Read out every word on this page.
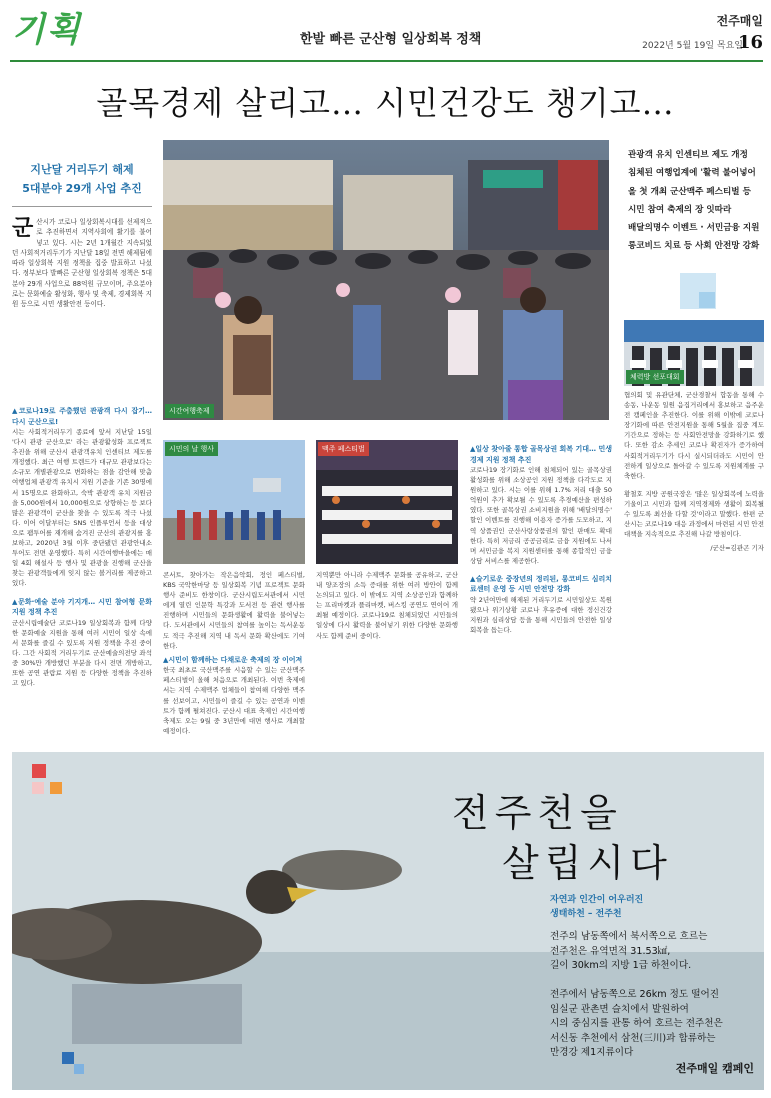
기획	한발 빠른 군산형 일상회복 정책
전주매일
2022년 5월 19일 목요일
16
골목경제 살리고… 시민건강도 챙기고…
지난달 거리두기 해제
5대분야 29개 사업 추진
군산시가 코로나 일상회복시대를 선제적으로 추진하면서 지역사회에 활기를 불어넣고 있다. 시는 2년 1개월간 지속되었던 사회적거리두기가 지난달 18일 전면 해제됨에 따라 일상회복 지원 정책을 집중 발표하고 나섰다. 정부보다 발빠른 군산형 일상회복 정책은 5대분야 29개 사업으로 88억원 규모이며, 주요분야로는 문화예술 활성화, 행사 및 축제, 경제회복 지원 등으로 시민 생활안전 등이다.
시간여행축제
관광객 유치 인센티브 제도 개정
침체된 여행업계에 '활력 불어넣어
올 첫 개최 군산맥주 페스티벌 등
시민 참여 축제의 장 잇따라
배달의명수 이벤트 · 서민금융 지원
롱코비드 치료 등 사회 안전망 강화
체력방 선포대회
협의회 및 유관단체, 군산경찰서 합동을 통해 수송동, 나운동 일원 음집거리에서 홍보하고 음주운전 캠페인을 추진한다. 이를 위해 이밖에 코로나 장기화에 따른 안전지원을 통해 5월을 집중 계도기간으로 정하는 등 사회안전망을 강화하기로 했다. 또한 감소 추세인 코로나 확진자가 증가하여 사회적거리두기가 다시 실시되더라도 시민이 안전하게 일상으로 돌아갈 수 있도록 지원체계를 구축한다.
황철호 지방 공원국장은 '많은 일상회복에 노력을 기울이고 시민과 함께 지역경제와 생활이 회복될 수 있도록 최선을 다할 것'이라고 말했다. 한편 군산시는 코로나19 대응 과정에서 마련된 시민 안전 대책을 지속적으로 추진해 나갈 방침이다.
/군산=김관곤 기자
▲코로나19로 주춤했던 관광객 다시 잡기… 다시 군산으로!
시는 사회적거리두기 종료에 앞서 지난달 15일 '다시 관광 군산으로' 라는 관광활성화 프로젝트 추진을 위해 군산시 관광객유치 인센티브 제도를 개정했다. 최근 여행 트렌드가 대규모 관광보다는 소규모 개별관광으로 변화하는 점을 감안해 맞춤 여행업체 관광객 유치시 지원 기준을 기존 30명에서 15명으로 완화하고, 숙박 관광객 유치 지원금을 5,000원에서 10,000원으로 상향하는 등 보다 많은 관광객이 군산을 찾을 수 있도록 적극 나섰다. 이어 이달부터는 SNS 인플루언서 등을 대상으로 팸투어를 재개해 숨겨진 군산의 관광지를 홍보하고, 2020년 3월 이후 중단됐던 관광안내소 투어도 전면 운영했다. 특히 시간여행마을에는 매일 4회 해설사 등 행사 및 관광을 진행해 군산을 찾는 관광객들에게 잊지 않는 볼거리를 제공하고 있다.
▲문화·예술 분야 기지개… 시민 참여형 문화 지원 정책 추진
군산시립예술단 코로나19 일상회복과 함께 다양한 문화예술 지원을 통해 여러 시민이 일상 속에서 문화를 즐길 수 있도록 지원 정책을 추진 중이다. 그간 사회적 거리두기로 군산예술의전당 좌석 중 30%만 개방했던 부분을 다시 전면 개방하고, 또한 공연 관람료 지원 등 다양한 정책을 추진하고 있다.
시민의 날 행사	맥주 페스티벌
콘서트, 찾아가는 작은음악회, 정인 페스티벌, KBS 국악한마당 등 일상회복 기념 프로젝트 문화 행사 준비도 한창이다. 군산시립도서관에서 시민에게 열린 인문학 특강과 도서전 등 관련 행사를 진행하며 시민들의 문화생활에 활력을 불어넣는다. 도서관에서 시민들의 참여를 높이는 독서운동도 적극 추진해 지역 내 독서 문화 확산에도 기여한다.
▲시민이 함께하는 다채로운 축제의 장 이어져
한국 최초로 국산맥주를 시음할 수 있는 군산맥주 페스티벌이 올해 처음으로 개최된다. 이번 축제에서는 지역 수제맥주 업체들이 참여해 다양한 맥주를 선보이고, 시민들이 즐길 수 있는 공연과 이벤트가 함께 펼쳐진다. 군산시 대표 축제인 시간여행축제도 오는 9월 중 3년만에 대면 행사로 개최할 예정이다.
지역뿐만 아니라 수제맥주 문화를 공유하고, 군산 내 양조장의 소득 증대를 위한 여러 방안이 함께 논의되고 있다. 이 밖에도 지역 소상공인과 함께하는 프리마켓과 플리마켓, 버스킹 공연도 연이어 개최될 예정이다. 코로나19로 침체되었던 시민들의 일상에 다시 활력을 불어넣기 위한 다양한 문화행사도 함께 준비 중이다.
▲일상 찾아줄 통합 골목상권 회복 기대… 민생경제 지원 정책 추진
코로나19 장기화로 인해 침체되어 있는 골목상권 활성화를 위해 소상공인 지원 정책을 다각도로 지원하고 있다. 시는 이를 위해 1.7% 저리 대출 50억원이 추가 확보될 수 있도록 추경예산을 편성하였다. 또한 골목상권 소비지원을 위해 '배달의명수' 할인 이벤트를 진행해 이용자 증가를 도모하고, 지역 상품권인 군산사랑상품권의 할인 판매도 확대한다. 특히 저금리 공공금리로 금융 지원에도 나서며 서민금융 복지 지원센터를 통해 종합적인 금융상담 서비스를 제공한다.
▲슬기로운 중장년의 정리된, 롱코비드 심리치료센터 운영 등 시민 안전망 강화
약 2년여만에 해제된 거리두기로 시민일상도 복원됐으나 위기상황 코로나 후유증에 대한 정신건강 지원과 심리상담 등을 통해 시민들의 안전한 일상회복을 돕는다.
전주천을
살립시다
자연과 인간이 어우러진
생태하천 – 전주천
전주의 남동쪽에서 북서쪽으로 흐르는
전주천은 유역면적 31.53㎢,
길이 30km의 지방 1급 하천이다.
전주에서 남동쪽으로 26km 정도 떨어진
임실군 관촌면 슬치에서 발원하여
시의 중심지를 관통 하여 호르는 전주천은
서신동 추천에서 삼천(三川)과 합류하는
만경강 제1지류이다
전주매일 캠페인
